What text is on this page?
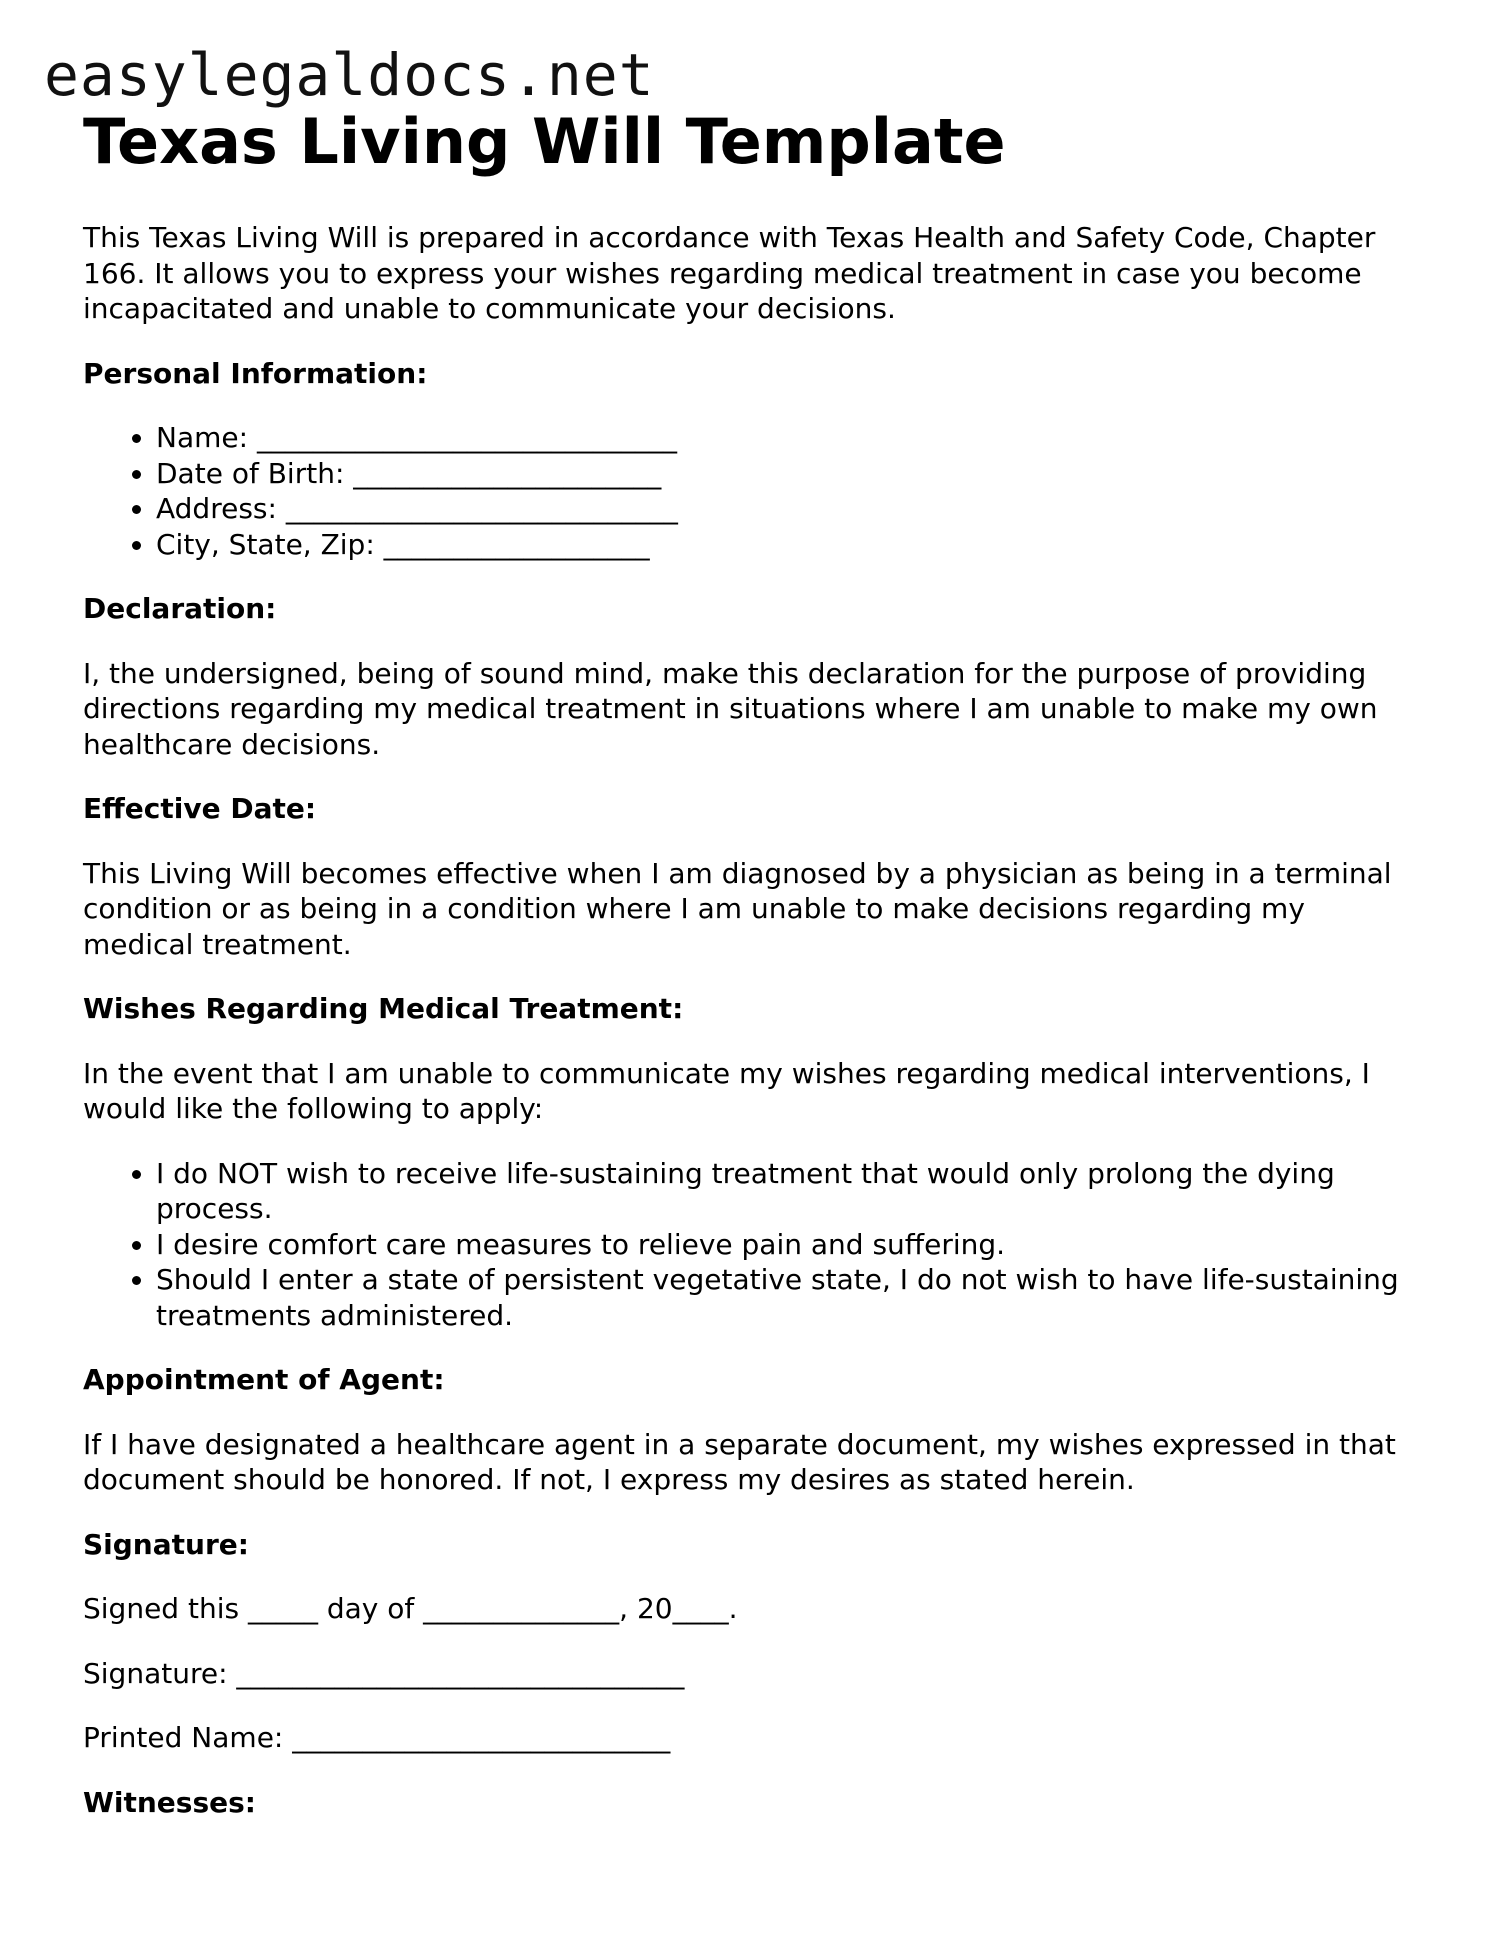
easylegaldocs.net
Texas Living Will Template

This Texas Living Will is prepared in accordance with Texas Health and Safety Code, Chapter 166. It allows you to express your wishes regarding medical treatment in case you become incapacitated and unable to communicate your decisions.

Personal Information:

• Name: ______________________________
• Date of Birth: ______________________
• Address: ____________________________
• City, State, Zip: ___________________

Declaration:

I, the undersigned, being of sound mind, make this declaration for the purpose of providing directions regarding my medical treatment in situations where I am unable to make my own healthcare decisions.

Effective Date:

This Living Will becomes effective when I am diagnosed by a physician as being in a terminal condition or as being in a condition where I am unable to make decisions regarding my medical treatment.

Wishes Regarding Medical Treatment:

In the event that I am unable to communicate my wishes regarding medical interventions, I would like the following to apply:

• I do NOT wish to receive life-sustaining treatment that would only prolong the dying process.
• I desire comfort care measures to relieve pain and suffering.
• Should I enter a state of persistent vegetative state, I do not wish to have life-sustaining treatments administered.

Appointment of Agent:

If I have designated a healthcare agent in a separate document, my wishes expressed in that document should be honored. If not, I express my desires as stated herein.

Signature:

Signed this _____ day of ______________, 20____.

Signature: ________________________________

Printed Name: ___________________________

Witnesses:
